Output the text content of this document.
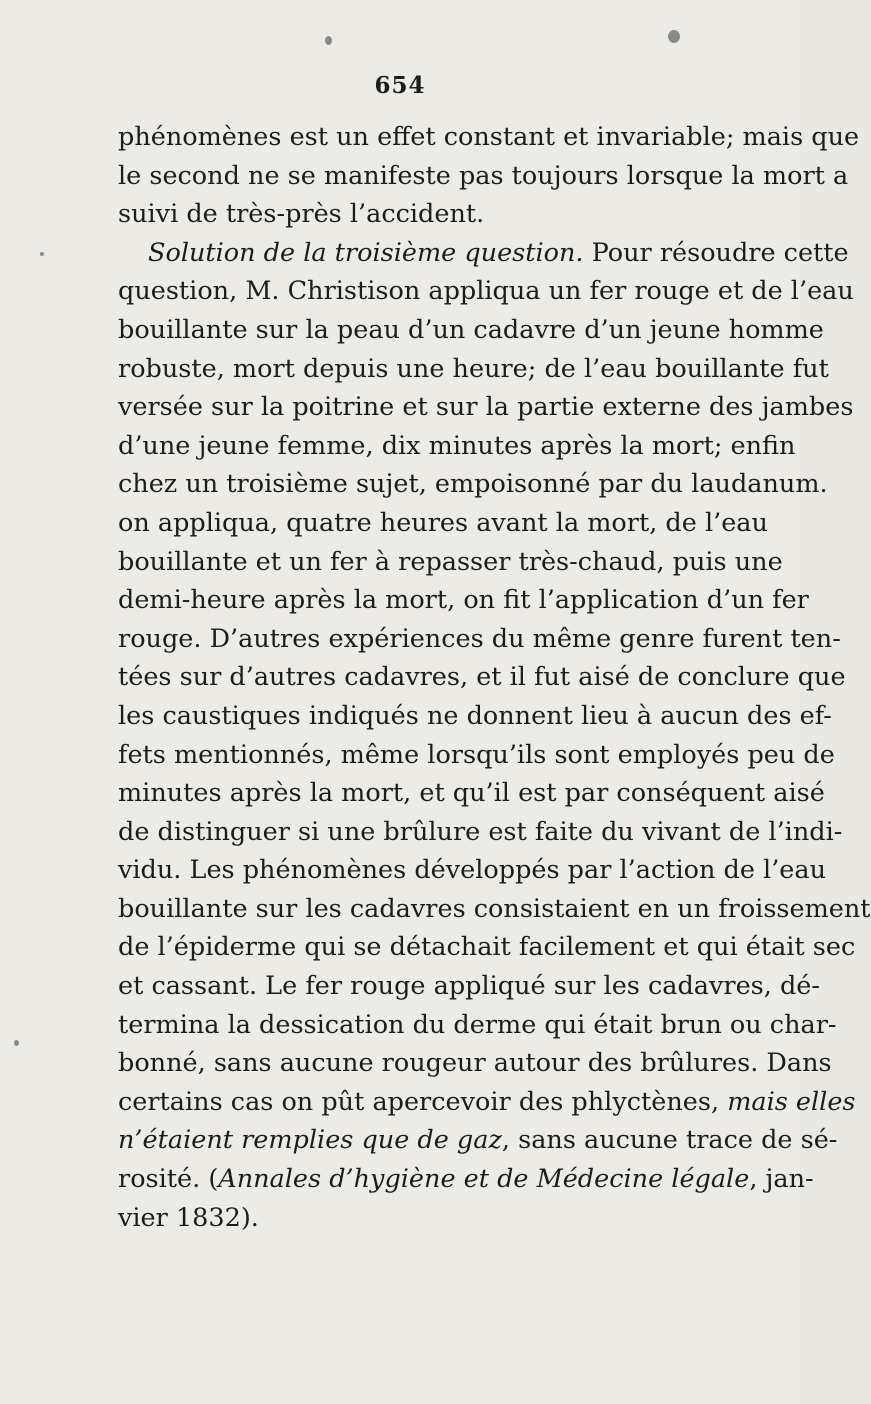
654
phénomènes est un effet constant et invariable; mais que
le second ne se manifeste pas toujours lorsque la mort a
suivi de très-près l’accident.
Solution de la troisième question. Pour résoudre cette
question, M. Christison appliqua un fer rouge et de l’eau
bouillante sur la peau d’un cadavre d’un jeune homme
robuste, mort depuis une heure; de l’eau bouillante fut
versée sur la poitrine et sur la partie externe des jambes
d’une jeune femme, dix minutes après la mort; enfin
chez un troisième sujet, empoisonné par du laudanum.
on appliqua, quatre heures avant la mort, de l’eau
bouillante et un fer à repasser très-chaud, puis une
demi-heure après la mort, on fit l’application d’un fer
rouge. D’autres expériences du même genre furent ten-
tées sur d’autres cadavres, et il fut aisé de conclure que
les caustiques indiqués ne donnent lieu à aucun des ef-
fets mentionnés, même lorsqu’ils sont employés peu de
minutes après la mort, et qu’il est par conséquent aisé
de distinguer si une brûlure est faite du vivant de l’indi-
vidu. Les phénomènes développés par l’action de l’eau
bouillante sur les cadavres consistaient en un froissement
de l’épiderme qui se détachait facilement et qui était sec
et cassant. Le fer rouge appliqué sur les cadavres, dé-
termina la dessication du derme qui était brun ou char-
bonné, sans aucune rougeur autour des brûlures. Dans
certains cas on pût apercevoir des phlyctènes, mais elles
n’étaient remplies que de gaz, sans aucune trace de sé-
rosité. (Annales d’hygiène et de Médecine légale, jan-
vier 1832).
